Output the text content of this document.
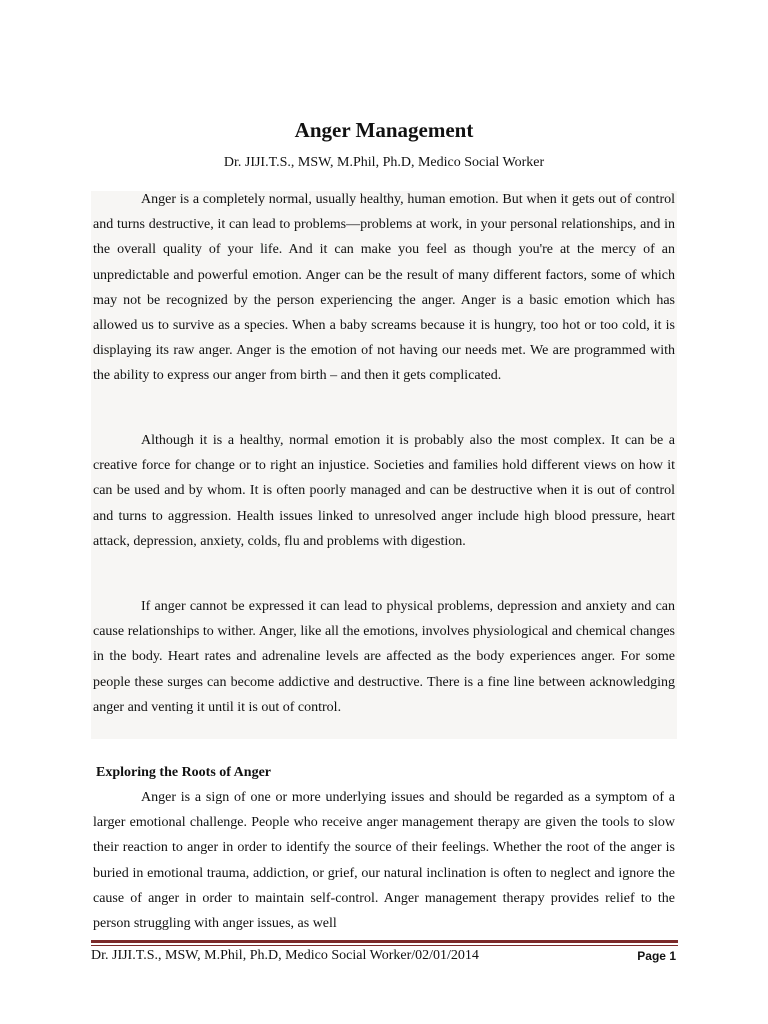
Anger Management
Dr. JIJI.T.S., MSW, M.Phil, Ph.D, Medico Social Worker

Anger is a completely normal, usually healthy, human emotion. But when it gets out of control and turns destructive, it can lead to problems—problems at work, in your personal relationships, and in the overall quality of your life. And it can make you feel as though you're at the mercy of an unpredictable and powerful emotion. Anger can be the result of many different factors, some of which may not be recognized by the person experiencing the anger. Anger is a basic emotion which has allowed us to survive as a species. When a baby screams because it is hungry, too hot or too cold, it is displaying its raw anger. Anger is the emotion of not having our needs met. We are programmed with the ability to express our anger from birth – and then it gets complicated.

Although it is a healthy, normal emotion it is probably also the most complex. It can be a creative force for change or to right an injustice. Societies and families hold different views on how it can be used and by whom. It is often poorly managed and can be destructive when it is out of control and turns to aggression. Health issues linked to unresolved anger include high blood pressure, heart attack, depression, anxiety, colds, flu and problems with digestion.

If anger cannot be expressed it can lead to physical problems, depression and anxiety and can cause relationships to wither. Anger, like all the emotions, involves physiological and chemical changes in the body. Heart rates and adrenaline levels are affected as the body experiences anger. For some people these surges can become addictive and destructive. There is a fine line between acknowledging anger and venting it until it is out of control.

Exploring the Roots of Anger

Anger is a sign of one or more underlying issues and should be regarded as a symptom of a larger emotional challenge. People who receive anger management therapy are given the tools to slow their reaction to anger in order to identify the source of their feelings. Whether the root of the anger is buried in emotional trauma, addiction, or grief, our natural inclination is often to neglect and ignore the cause of anger in order to maintain self-control. Anger management therapy provides relief to the person struggling with anger issues, as well

Dr. JIJI.T.S., MSW, M.Phil, Ph.D, Medico Social Worker/02/01/2014	Page 1
